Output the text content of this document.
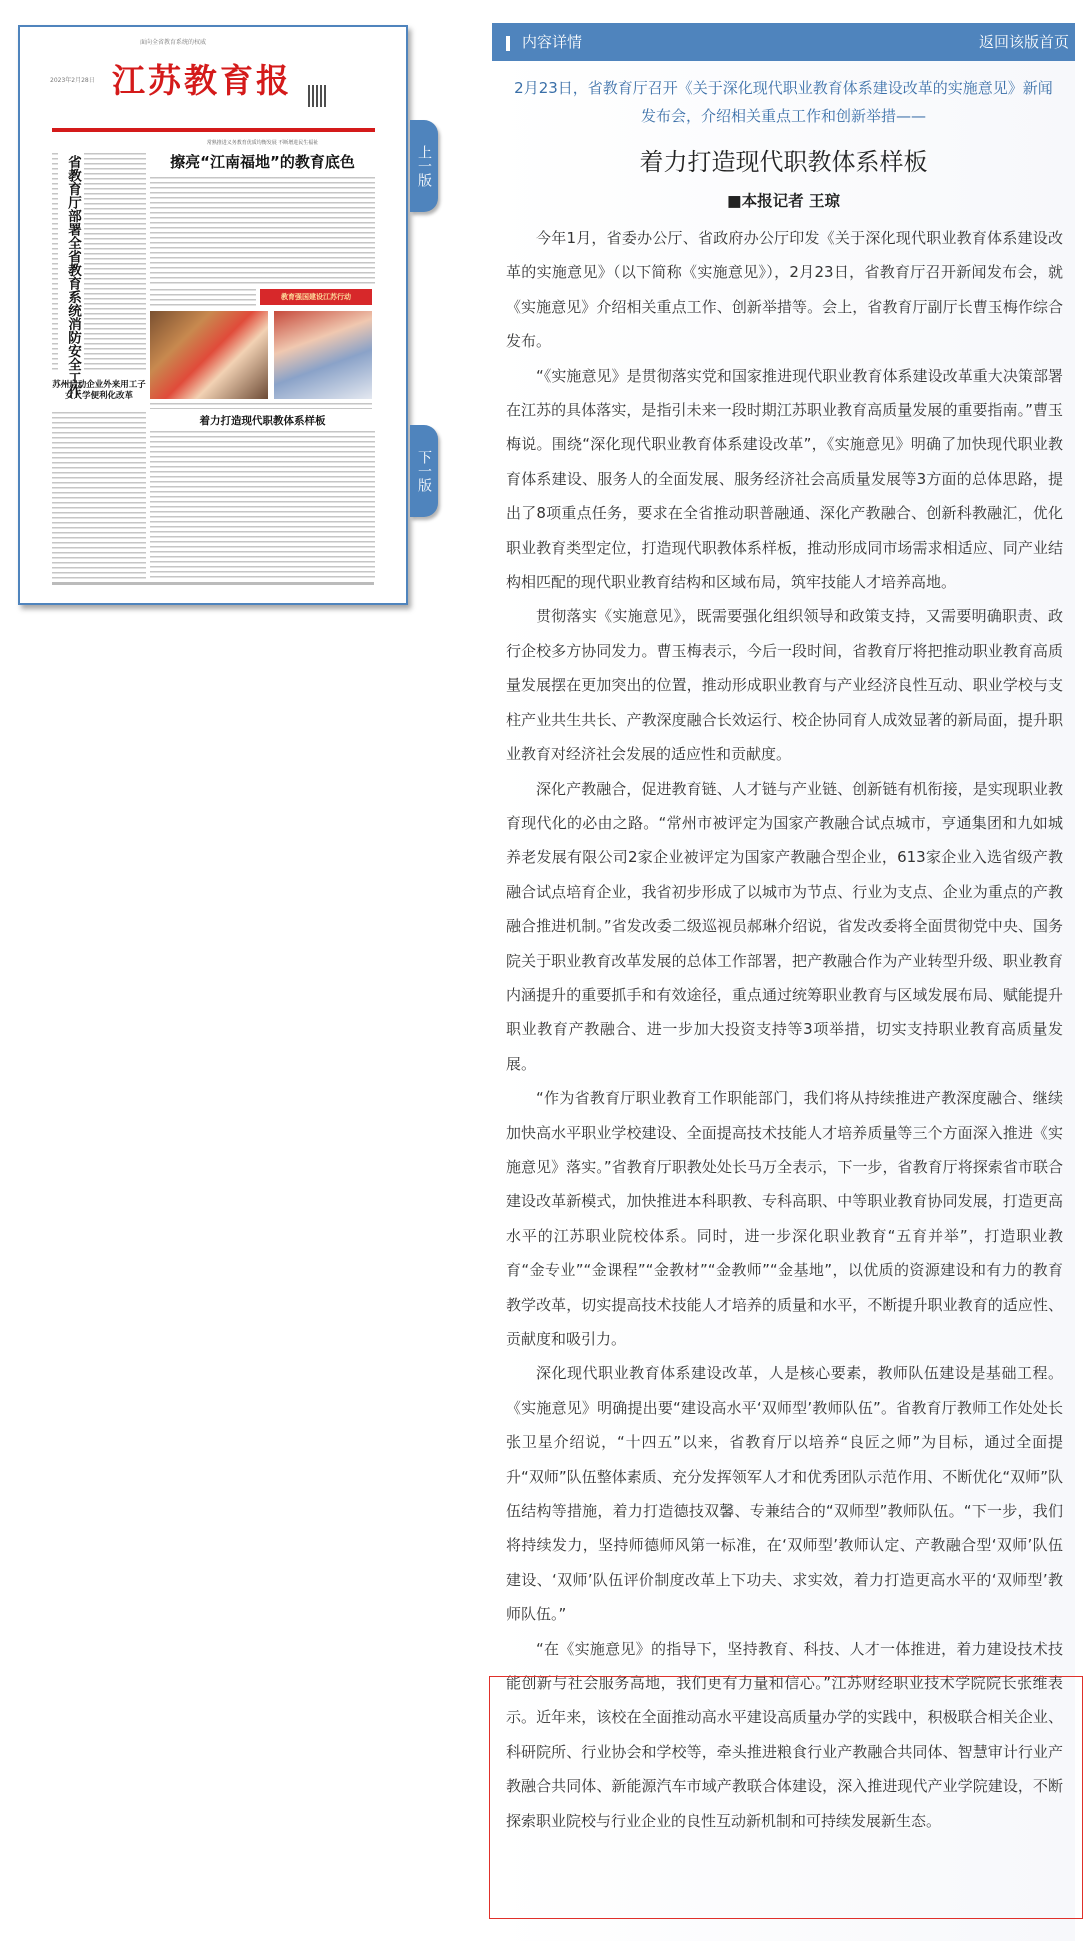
面向全省教育系统的权威
2023年2月28日 江苏教育报
省教育厅部署全省教育系统消防安全工作
苏州启动企业外来用工子女入学便利化改革
常熟推进义务教育优质均衡发展 不断增进民生福祉
擦亮“江南福地”的教育底色
教育强国建设江苏行动
着力打造现代职教体系样板
上一版
下一版
内容详情	返回该版首页
2月23日，省教育厅召开《关于深化现代职业教育体系建设改革的实施意见》新闻发布会，介绍相关重点工作和创新举措——
着力打造现代职教体系样板
■本报记者 王琼

今年1月，省委办公厅、省政府办公厅印发《关于深化现代职业教育体系建设改革的实施意见》（以下简称《实施意见》），2月23日，省教育厅召开新闻发布会，就《实施意见》介绍相关重点工作、创新举措等。会上，省教育厅副厅长曹玉梅作综合发布。

“《实施意见》是贯彻落实党和国家推进现代职业教育体系建设改革重大决策部署在江苏的具体落实，是指引未来一段时期江苏职业教育高质量发展的重要指南。”曹玉梅说。围绕“深化现代职业教育体系建设改革”，《实施意见》明确了加快现代职业教育体系建设、服务人的全面发展、服务经济社会高质量发展等3方面的总体思路，提出了8项重点任务，要求在全省推动职普融通、深化产教融合、创新科教融汇，优化职业教育类型定位，打造现代职教体系样板，推动形成同市场需求相适应、同产业结构相匹配的现代职业教育结构和区域布局，筑牢技能人才培养高地。

贯彻落实《实施意见》，既需要强化组织领导和政策支持，又需要明确职责、政行企校多方协同发力。曹玉梅表示，今后一段时间，省教育厅将把推动职业教育高质量发展摆在更加突出的位置，推动形成职业教育与产业经济良性互动、职业学校与支柱产业共生共长、产教深度融合长效运行、校企协同育人成效显著的新局面，提升职业教育对经济社会发展的适应性和贡献度。

深化产教融合，促进教育链、人才链与产业链、创新链有机衔接，是实现职业教育现代化的必由之路。“常州市被评定为国家产教融合试点城市，亨通集团和九如城养老发展有限公司2家企业被评定为国家产教融合型企业，613家企业入选省级产教融合试点培育企业，我省初步形成了以城市为节点、行业为支点、企业为重点的产教融合推进机制。”省发改委二级巡视员郝琳介绍说，省发改委将全面贯彻党中央、国务院关于职业教育改革发展的总体工作部署，把产教融合作为产业转型升级、职业教育内涵提升的重要抓手和有效途径，重点通过统筹职业教育与区域发展布局、赋能提升职业教育产教融合、进一步加大投资支持等3项举措，切实支持职业教育高质量发展。

“作为省教育厅职业教育工作职能部门，我们将从持续推进产教深度融合、继续加快高水平职业学校建设、全面提高技术技能人才培养质量等三个方面深入推进《实施意见》落实。”省教育厅职教处处长马万全表示，下一步，省教育厅将探索省市联合建设改革新模式，加快推进本科职教、专科高职、中等职业教育协同发展，打造更高水平的江苏职业院校体系。同时，进一步深化职业教育“五育并举”，打造职业教育“金专业”“金课程”“金教材”“金教师”“金基地”，以优质的资源建设和有力的教育教学改革，切实提高技术技能人才培养的质量和水平，不断提升职业教育的适应性、贡献度和吸引力。

深化现代职业教育体系建设改革，人是核心要素，教师队伍建设是基础工程。《实施意见》明确提出要“建设高水平‘双师型’教师队伍”。省教育厅教师工作处处长张卫星介绍说，“十四五”以来，省教育厅以培养“良匠之师”为目标，通过全面提升“双师”队伍整体素质、充分发挥领军人才和优秀团队示范作用、不断优化“双师”队伍结构等措施，着力打造德技双馨、专兼结合的“双师型”教师队伍。“下一步，我们将持续发力，坚持师德师风第一标准，在‘双师型’教师认定、产教融合型‘双师’队伍建设、‘双师’队伍评价制度改革上下功夫、求实效，着力打造更高水平的‘双师型’教师队伍。”

“在《实施意见》的指导下，坚持教育、科技、人才一体推进，着力建设技术技能创新与社会服务高地，我们更有力量和信心。”江苏财经职业技术学院院长张维表示。近年来，该校在全面推动高水平建设高质量办学的实践中，积极联合相关企业、科研院所、行业协会和学校等，牵头推进粮食行业产教融合共同体、智慧审计行业产教融合共同体、新能源汽车市域产教联合体建设，深入推进现代产业学院建设，不断探索职业院校与行业企业的良性互动新机制和可持续发展新生态。
